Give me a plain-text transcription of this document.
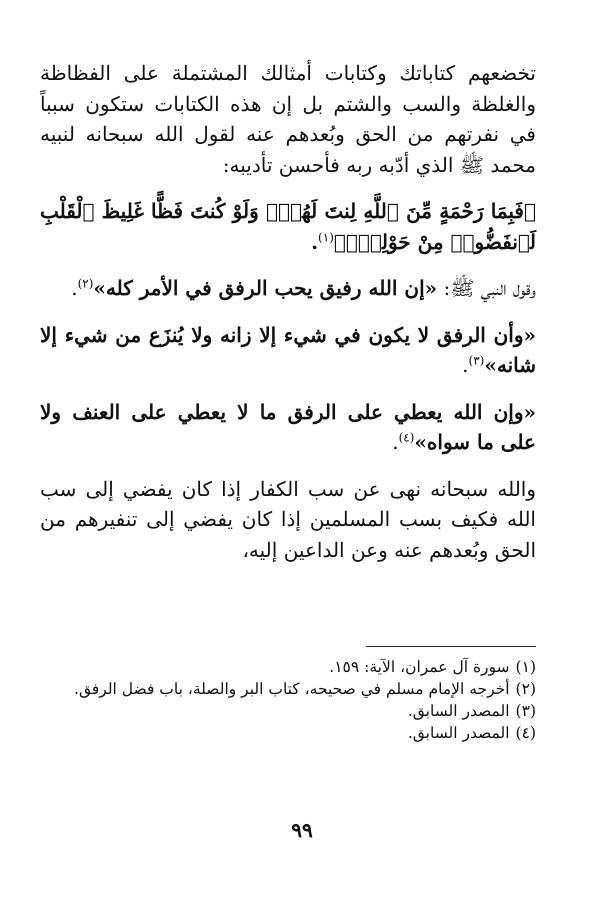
تخضعهم كتاباتك وكتابات أمثالك المشتملة على الفظاظة والغلظة والسب والشتم بل إن هذه الكتابات ستكون سبباً في نفرتهم من الحق وبُعدهم عنه لقول الله سبحانه لنبيه محمد ﷺ الذي أدّبه ربه فأحسن تأديبه:

﴿فَبِمَا رَحْمَةٍ مِّنَ ٱللَّهِ لِنتَ لَهُمْۖ وَلَوْ كُنتَ فَظًّا غَلِيظَ ٱلْقَلْبِ لَٱنفَضُّوا۟ مِنْ حَوْلِكَۖ﴾$^{(١)}$.

وقول النبي ﷺ: «إن الله رفيق يحب الرفق في الأمر كله»$^{(٢)}$.

«وأن الرفق لا يكون في شيء إلا زانه ولا يُنزَع من شيء إلا شانه»$^{(٣)}$.

«وإن الله يعطي على الرفق ما لا يعطي على العنف ولا على ما سواه»$^{(٤)}$.

والله سبحانه نهى عن سب الكفار إذا كان يفضي إلى سب الله فكيف بسب المسلمين إذا كان يفضي إلى تنفيرهم من الحق وبُعدهم عنه وعن الداعين إليه،

(١)
سورة آل عمران، الآية: ١٥٩.
(٢)
أخرجه الإمام مسلم في صحيحه، كتاب البر والصلة، باب فضل الرفق.
(٣)
المصدر السابق.
(٤)
المصدر السابق.
٩٩
